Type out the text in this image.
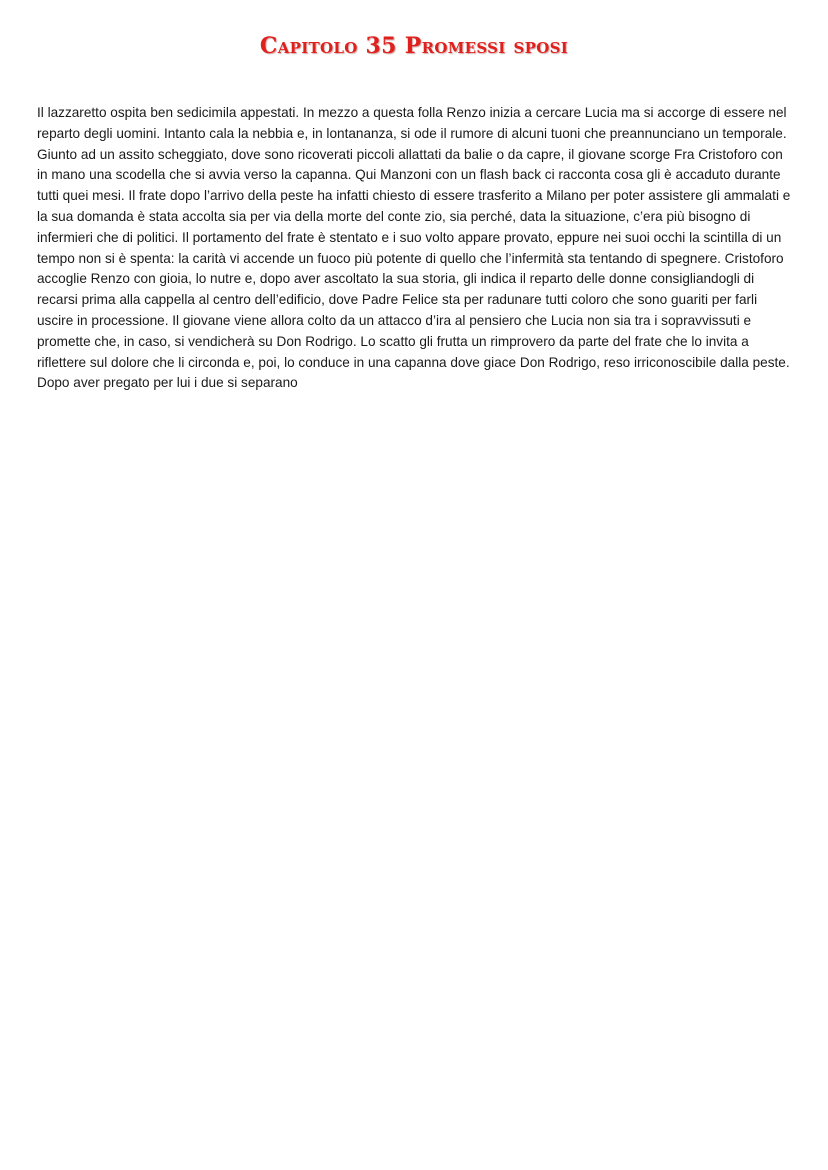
Capitolo 35 Promessi sposi

Il lazzaretto ospita ben sedicimila appestati. In mezzo a questa folla Renzo inizia a cercare Lucia ma si accorge di essere nel reparto degli uomini. Intanto cala la nebbia e, in lontananza, si ode il rumore di alcuni tuoni che preannunciano un temporale. Giunto ad un assito scheggiato, dove sono ricoverati piccoli allattati da balie o da capre, il giovane scorge Fra Cristoforo con in mano una scodella che si avvia verso la capanna. Qui Manzoni con un flash back ci racconta cosa gli è accaduto durante tutti quei mesi. Il frate dopo l’arrivo della peste ha infatti chiesto di essere trasferito a Milano per poter assistere gli ammalati e la sua domanda è stata accolta sia per via della morte del conte zio, sia perché, data la situazione, c’era più bisogno di infermieri che di politici. Il portamento del frate è stentato e i suo volto appare provato, eppure nei suoi occhi la scintilla di un tempo non si è spenta: la carità vi accende un fuoco più potente di quello che l’infermità sta tentando di spegnere. Cristoforo accoglie Renzo con gioia, lo nutre e, dopo aver ascoltato la sua storia, gli indica il reparto delle donne consigliandogli di recarsi prima alla cappella al centro dell’edificio, dove Padre Felice sta per radunare tutti coloro che sono guariti per farli uscire in processione. Il giovane viene allora colto da un attacco d’ira al pensiero che Lucia non sia tra i sopravvissuti e promette che, in caso, si vendicherà su Don Rodrigo. Lo scatto gli frutta un rimprovero da parte del frate che lo invita a riflettere sul dolore che li circonda e, poi, lo conduce in una capanna dove giace Don Rodrigo, reso irriconoscibile dalla peste. Dopo aver pregato per lui i due si separano
